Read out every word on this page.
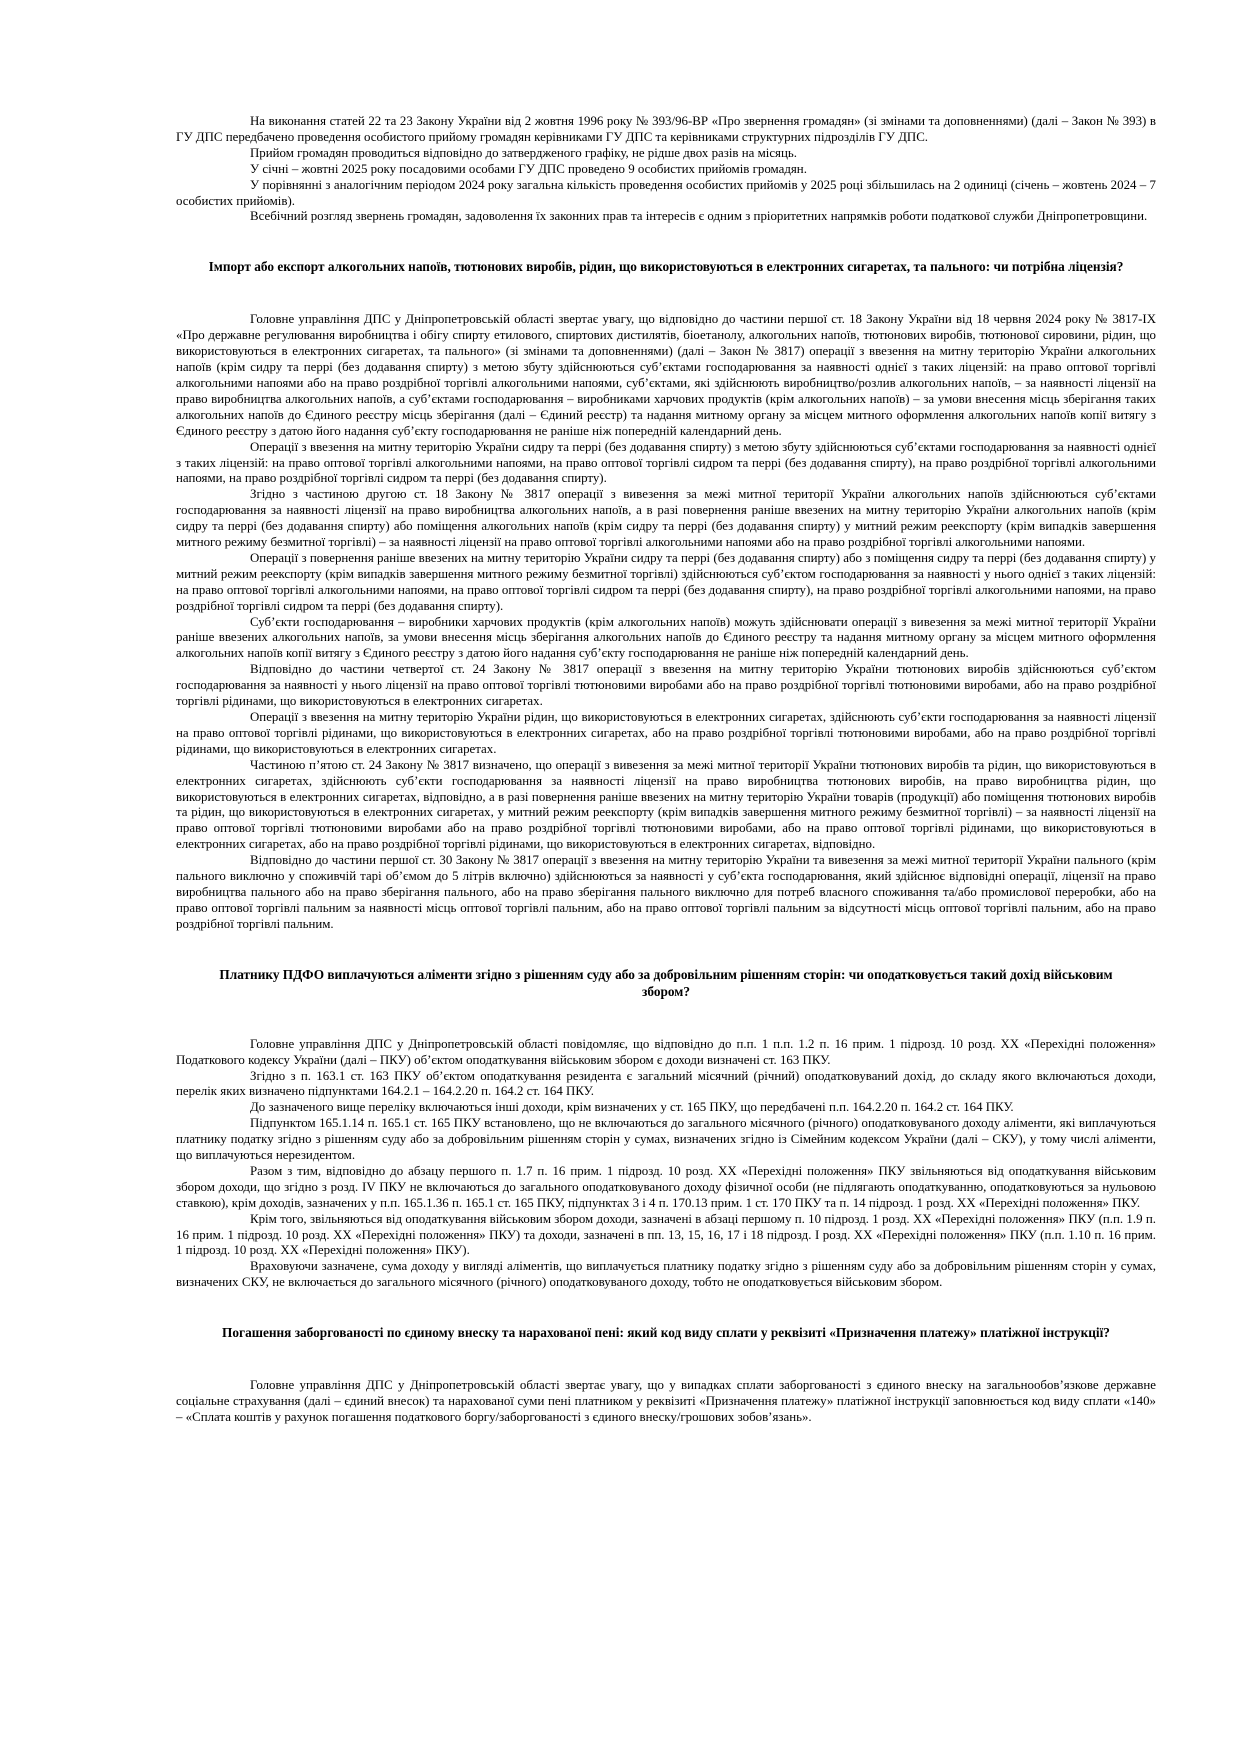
На виконання статей 22 та 23 Закону України від 2 жовтня 1996 року № 393/96-ВР «Про звернення громадян» (зі змінами та доповненнями) (далі – Закон № 393) в ГУ ДПС передбачено проведення особистого прийому громадян керівниками ГУ ДПС та керівниками структурних підрозділів ГУ ДПС.

Прийом громадян проводиться відповідно до затвердженого графіку, не рідше двох разів на місяць.

У січні – жовтні 2025 року посадовими особами ГУ ДПС проведено 9 особистих прийомів громадян.

У порівнянні з аналогічним періодом 2024 року загальна кількість проведення особистих прийомів у 2025 році збільшилась на 2 одиниці (січень – жовтень 2024 – 7 особистих прийомів).

Всебічний розгляд звернень громадян, задоволення їх законних прав та інтересів є одним з пріоритетних напрямків роботи податкової служби Дніпропетровщини.

Імпорт або експорт алкогольних напоїв, тютюнових виробів, рідин, що використовуються в електронних сигаретах, та пального: чи потрібна ліцензія?

Головне управління ДПС у Дніпропетровській області звертає увагу, що відповідно до частини першої ст. 18 Закону України від 18 червня 2024 року № 3817-IX «Про державне регулювання виробництва і обігу спирту етилового, спиртових дистилятів, біоетанолу, алкогольних напоїв, тютюнових виробів, тютюнової сировини, рідин, що використовуються в електронних сигаретах, та пального» (зі змінами та доповненнями) (далі – Закон № 3817) операції з ввезення на митну територію України алкогольних напоїв (крім сидру та перрі (без додавання спирту) з метою збуту здійснюються суб’єктами господарювання за наявності однієї з таких ліцензій: на право оптової торгівлі алкогольними напоями або на право роздрібної торгівлі алкогольними напоями, суб’єктами, які здійснюють виробництво/розлив алкогольних напоїв, – за наявності ліцензії на право виробництва алкогольних напоїв, а суб’єктами господарювання – виробниками харчових продуктів (крім алкогольних напоїв) – за умови внесення місць зберігання таких алкогольних напоїв до Єдиного реєстру місць зберігання (далі – Єдиний реєстр) та надання митному органу за місцем митного оформлення алкогольних напоїв копії витягу з Єдиного реєстру з датою його надання суб’єкту господарювання не раніше ніж попередній календарний день.

Операції з ввезення на митну територію України сидру та перрі (без додавання спирту) з метою збуту здійснюються суб’єктами господарювання за наявності однієї з таких ліцензій: на право оптової торгівлі алкогольними напоями, на право оптової торгівлі сидром та перрі (без додавання спирту), на право роздрібної торгівлі алкогольними напоями, на право роздрібної торгівлі сидром та перрі (без додавання спирту).

Згідно з частиною другою ст. 18 Закону № 3817 операції з вивезення за межі митної території України алкогольних напоїв здійснюються суб’єктами господарювання за наявності ліцензії на право виробництва алкогольних напоїв, а в разі повернення раніше ввезених на митну територію України алкогольних напоїв (крім сидру та перрі (без додавання спирту) або поміщення алкогольних напоїв (крім сидру та перрі (без додавання спирту) у митний режим реекспорту (крім випадків завершення митного режиму безмитної торгівлі) – за наявності ліцензії на право оптової торгівлі алкогольними напоями або на право роздрібної торгівлі алкогольними напоями.

Операції з повернення раніше ввезених на митну територію України сидру та перрі (без додавання спирту) або з поміщення сидру та перрі (без додавання спирту) у митний режим реекспорту (крім випадків завершення митного режиму безмитної торгівлі) здійснюються суб’єктом господарювання за наявності у нього однієї з таких ліцензій: на право оптової торгівлі алкогольними напоями, на право оптової торгівлі сидром та перрі (без додавання спирту), на право роздрібної торгівлі алкогольними напоями, на право роздрібної торгівлі сидром та перрі (без додавання спирту).

Суб’єкти господарювання – виробники харчових продуктів (крім алкогольних напоїв) можуть здійснювати операції з вивезення за межі митної території України раніше ввезених алкогольних напоїв, за умови внесення місць зберігання алкогольних напоїв до Єдиного реєстру та надання митному органу за місцем митного оформлення алкогольних напоїв копії витягу з Єдиного реєстру з датою його надання суб’єкту господарювання не раніше ніж попередній календарний день.

Відповідно до частини четвертої ст. 24 Закону № 3817 операції з ввезення на митну територію України тютюнових виробів здійснюються суб’єктом господарювання за наявності у нього ліцензії на право оптової торгівлі тютюновими виробами або на право роздрібної торгівлі тютюновими виробами, або на право роздрібної торгівлі рідинами, що використовуються в електронних сигаретах.

Операції з ввезення на митну територію України рідин, що використовуються в електронних сигаретах, здійснюють суб’єкти господарювання за наявності ліцензії на право оптової торгівлі рідинами, що використовуються в електронних сигаретах, або на право роздрібної торгівлі тютюновими виробами, або на право роздрібної торгівлі рідинами, що використовуються в електронних сигаретах.

Частиною п’ятою ст. 24 Закону № 3817 визначено, що операції з вивезення за межі митної території України тютюнових виробів та рідин, що використовуються в електронних сигаретах, здійснюють суб’єкти господарювання за наявності ліцензії на право виробництва тютюнових виробів, на право виробництва рідин, що використовуються в електронних сигаретах, відповідно, а в разі повернення раніше ввезених на митну територію України товарів (продукції) або поміщення тютюнових виробів та рідин, що використовуються в електронних сигаретах, у митний режим реекспорту (крім випадків завершення митного режиму безмитної торгівлі) – за наявності ліцензії на право оптової торгівлі тютюновими виробами або на право роздрібної торгівлі тютюновими виробами, або на право оптової торгівлі рідинами, що використовуються в електронних сигаретах, або на право роздрібної торгівлі рідинами, що використовуються в електронних сигаретах, відповідно.

Відповідно до частини першої ст. 30 Закону № 3817 операції з ввезення на митну територію України та вивезення за межі митної території України пального (крім пального виключно у споживчій тарі об’ємом до 5 літрів включно) здійснюються за наявності у суб’єкта господарювання, який здійснює відповідні операції, ліцензії на право виробництва пального або на право зберігання пального, або на право зберігання пального виключно для потреб власного споживання та/або промислової переробки, або на право оптової торгівлі пальним за наявності місць оптової торгівлі пальним, або на право оптової торгівлі пальним за відсутності місць оптової торгівлі пальним, або на право роздрібної торгівлі пальним.

Платнику ПДФО виплачуються аліменти згідно з рішенням суду або за добровільним рішенням сторін: чи оподатковується такий дохід військовим збором?

Головне управління ДПС у Дніпропетровській області повідомляє, що відповідно до п.п. 1 п.п. 1.2 п. 16 прим. 1 підрозд. 10 розд. XX «Перехідні положення» Податкового кодексу України (далі – ПКУ) об’єктом оподаткування військовим збором є доходи визначені ст. 163 ПКУ.

Згідно з п. 163.1 ст. 163 ПКУ об’єктом оподаткування резидента є загальний місячний (річний) оподатковуваний дохід, до складу якого включаються доходи, перелік яких визначено підпунктами 164.2.1 – 164.2.20 п. 164.2 ст. 164 ПКУ.

До зазначеного вище переліку включаються інші доходи, крім визначених у ст. 165 ПКУ, що передбачені п.п. 164.2.20 п. 164.2 ст. 164 ПКУ.

Підпунктом 165.1.14 п. 165.1 ст. 165 ПКУ встановлено, що не включаються до загального місячного (річного) оподатковуваного доходу аліменти, які виплачуються платнику податку згідно з рішенням суду або за добровільним рішенням сторін у сумах, визначених згідно із Сімейним кодексом України (далі – СКУ), у тому числі аліменти, що виплачуються нерезидентом.

Разом з тим, відповідно до абзацу першого п. 1.7 п. 16 прим. 1 підрозд. 10 розд. XX «Перехідні положення» ПКУ звільняються від оподаткування військовим збором доходи, що згідно з розд. IV ПКУ не включаються до загального оподатковуваного доходу фізичної особи (не підлягають оподаткуванню, оподатковуються за нульовою ставкою), крім доходів, зазначених у п.п. 165.1.36 п. 165.1 ст. 165 ПКУ, підпунктах 3 і 4 п. 170.13 прим. 1 ст. 170 ПКУ та п. 14 підрозд. 1 розд. XX «Перехідні положення» ПКУ.

Крім того, звільняються від оподаткування військовим збором доходи, зазначені в абзаці першому п. 10 підрозд. 1 розд. XX «Перехідні положення» ПКУ (п.п. 1.9 п. 16 прим. 1 підрозд. 10 розд. XX «Перехідні положення» ПКУ) та доходи, зазначені в пп. 13, 15, 16, 17 і 18 підрозд. I розд. XX «Перехідні положення» ПКУ (п.п. 1.10 п. 16 прим. 1 підрозд. 10 розд. XX «Перехідні положення» ПКУ).

Враховуючи зазначене, сума доходу у вигляді аліментів, що виплачується платнику податку згідно з рішенням суду або за добровільним рішенням сторін у сумах, визначених СКУ, не включається до загального місячного (річного) оподатковуваного доходу, тобто не оподатковується військовим збором.

Погашення заборгованості по єдиному внеску та нарахованої пені: який код виду сплати у реквізиті «Призначення платежу» платіжної інструкції?

Головне управління ДПС у Дніпропетровській області звертає увагу, що у випадках сплати заборгованості з єдиного внеску на загальнообов’язкове державне соціальне страхування (далі – єдиний внесок) та нарахованої суми пені платником у реквізиті «Призначення платежу» платіжної інструкції заповнюється код виду сплати «140» – «Сплата коштів у рахунок погашення податкового боргу/заборгованості з єдиного внеску/грошових зобов’язань».
